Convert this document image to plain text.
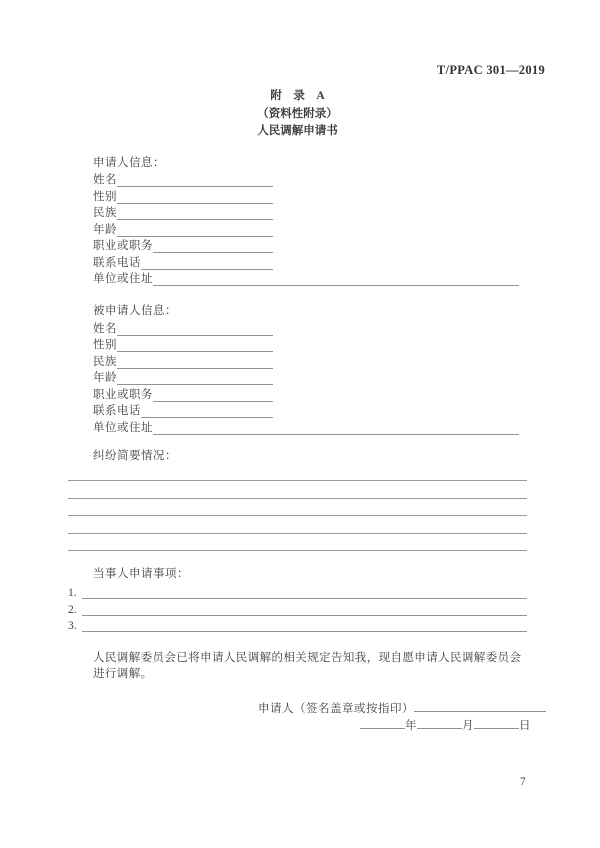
T/PPAC 301—2019
附　录　A
（资料性附录）
人民调解申请书
申请人信息：
姓名
性别
民族
年龄
职业或职务
联系电话
单位或住址
被申请人信息：
姓名
性别
民族
年龄
职业或职务
联系电话
单位或住址
纠纷简要情况：
当事人申请事项：
1.
2.
3.
人民调解委员会已将申请人民调解的相关规定告知我，现自愿申请人民调解委员会进行调解。
申请人（签名盖章或按指印）
年	月	日
7
